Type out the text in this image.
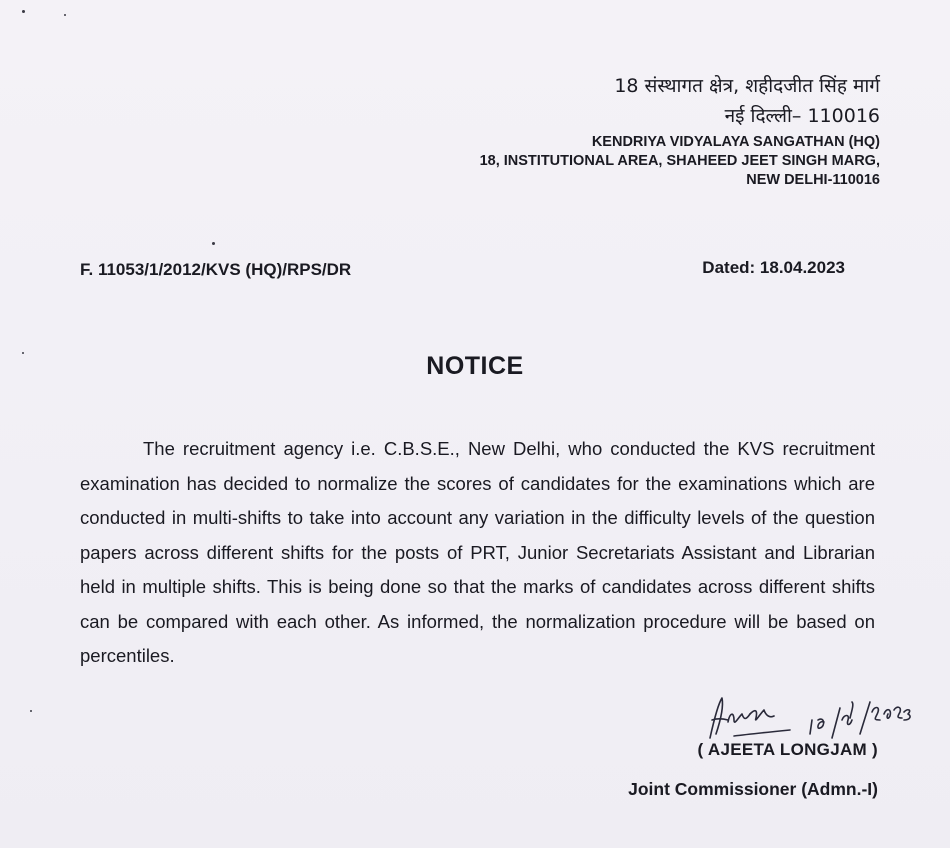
18 संस्थागत क्षेत्र, शहीदजीत सिंह मार्ग
नई दिल्ली– 110016
KENDRIYA VIDYALAYA SANGATHAN (HQ)
18, INSTITUTIONAL AREA, SHAHEED JEET SINGH MARG,
NEW DELHI-110016
F. 11053/1/2012/KVS (HQ)/RPS/DR	Dated: 18.04.2023
NOTICE

The recruitment agency i.e. C.B.S.E., New Delhi, who conducted the KVS recruitment examination has decided to normalize the scores of candidates for the examinations which are conducted in multi-shifts to take into account any variation in the difficulty levels of the question papers across different shifts for the posts of PRT, Junior Secretariats Assistant and Librarian held in multiple shifts. This is being done so that the marks of candidates across different shifts can be compared with each other. As informed, the normalization procedure will be based on percentiles.

( AJEETA LONGJAM )
Joint Commissioner (Admn.-I)
